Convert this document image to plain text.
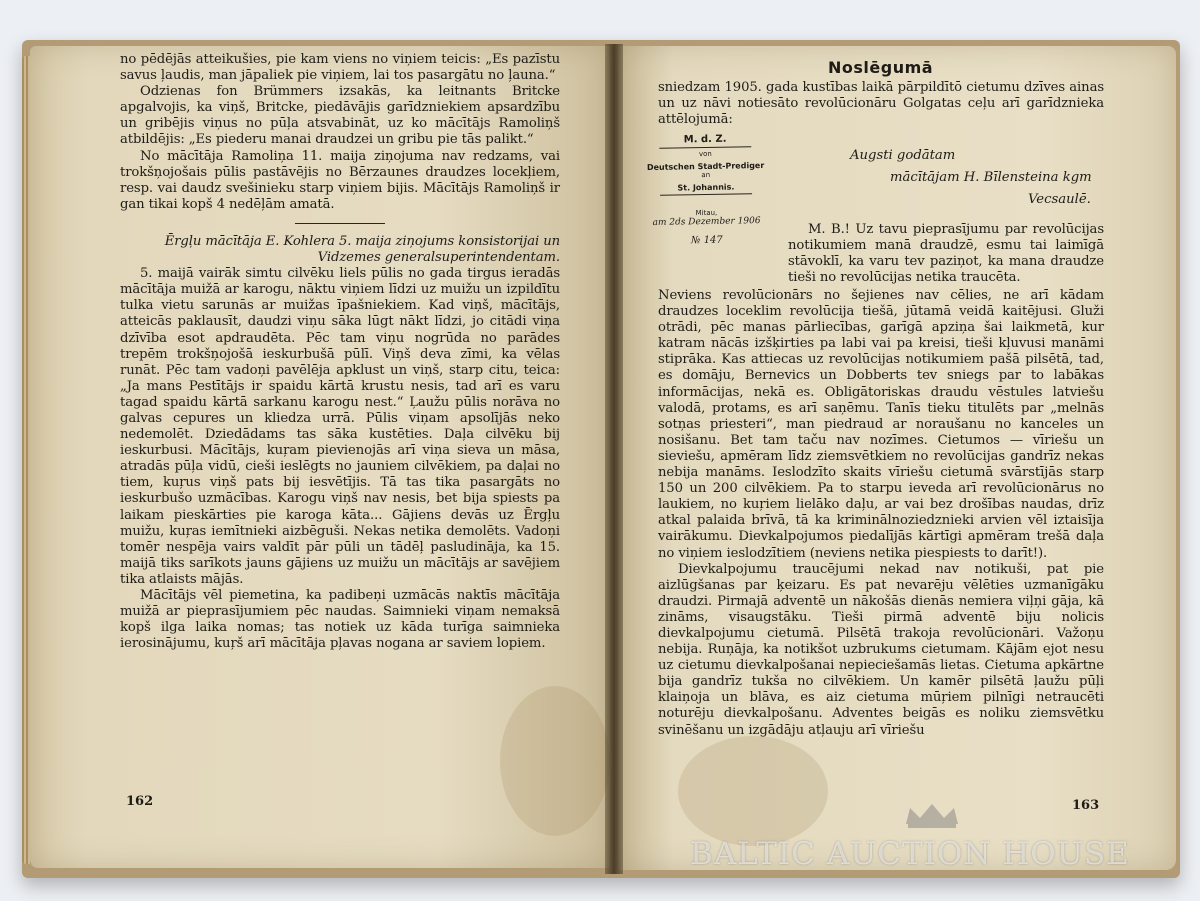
no pēdējās atteikušies, pie kam viens no viņiem teicis: „Es pazīstu savus ļaudis, man jāpaliek pie viņiem, lai tos pasargātu no ļauna.“

Odzienas fon Brümmers izsakās, ka leitnants Britcke apgalvojis, ka viņš, Britcke, piedāvājis garīdzniekiem apsardzību un gribējis viņus no pūļa atsvabināt, uz ko mācītājs Ramoliņš atbildējis: „Es piederu manai draudzei un gribu pie tās palikt.“

No mācītāja Ramoliņa 11. maija ziņojuma nav redzams, vai trokšņojošais pūlis pastāvējis no Bērzaunes draudzes locekļiem, resp. vai daudz svešinieku starp viņiem bijis. Mācītājs Ramoliņš ir gan tikai kopš 4 nedēļām amatā.

Ērgļu mācītāja E. Kohlera 5. maija ziņojums konsistorijai un Vidzemes generalsuperintendentam.

5. maijā vairāk simtu cilvēku liels pūlis no gada tirgus ieradās mācītāja muižā ar karogu, nāktu viņiem līdzi uz muižu un izpildītu tulka vietu sarunās ar muižas īpašniekiem. Kad viņš, mācītājs, atteicās paklausīt, daudzi viņu sāka lūgt nākt līdzi, jo citādi viņa dzīvība esot apdraudēta. Pēc tam viņu nogrūda no parādes trepēm trokšņojošā ieskurbušā pūlī. Viņš deva zīmi, ka vēlas runāt. Pēc tam vadoņi pavēlēja apklust un viņš, starp citu, teica: „Ja mans Pestītājs ir spaidu kārtā krustu nesis, tad arī es varu tagad spaidu kārtā sarkanu karogu nest.“ Ļaužu pūlis norāva no galvas cepures un kliedza urrā. Pūlis viņam apsolījās neko nedemolēt. Dziedādams tas sāka kustēties. Daļa cilvēku bij ieskurbusi. Mācītājs, kuŗam pievienojās arī viņa sieva un māsa, atradās pūļa vidū, cieši ieslēgts no jauniem cilvēkiem, pa daļai no tiem, kuŗus viņš pats bij iesvētījis. Tā tas tika pasargāts no ieskurbušo uzmācības. Karogu viņš nav nesis, bet bija spiests pa laikam pieskārties pie karoga kāta... Gājiens devās uz Ērgļu muižu, kuŗas iemītnieki aizbēguši. Nekas netika demolēts. Vadoņi tomēr nespēja vairs valdīt pār pūli un tādēļ pasludināja, ka 15. maijā tiks sarīkots jauns gājiens uz muižu un mācītājs ar savējiem tika atlaists mājās.

Mācītājs vēl piemetina, ka padibeņi uzmācās naktīs mācītāja muižā ar pieprasījumiem pēc naudas. Saimnieki viņam nemaksā kopš ilga laika nomas; tas notiek uz kāda turīga saimnieka ierosinājumu, kuŗš arī mācītāja pļavas nogana ar saviem lopiem.

162
Noslēgumā
sniedzam 1905. gada kustības laikā pārpildītō cietumu dzīves ainas un uz nāvi notiesāto revolūcionāru Golgatas ceļu arī garīdznieka attēlojumā:
M. d. Z.
von
Deutschen Stadt-Prediger
an
St. Johannis.
Mitau,
am 2ds Dezember 1906
№ 147
Augsti godātam
mācītājam H. Bīlensteina kgm
Vecsaulē.

M. B.! Uz tavu pieprasījumu par revolūcijas notikumiem manā draudzē, esmu tai laimīgā stāvoklī, ka varu tev paziņot, ka mana draudze tieši no revolūcijas netika traucēta.

Neviens revolūcionārs no šejienes nav cēlies, ne arī kādam draudzes loceklim revolūcija tiešā, jūtamā veidā kaitējusi. Gluži otrādi, pēc manas pārliecības, garīgā apziņa šai laikmetā, kur katram nācās izšķirties pa labi vai pa kreisi, tieši kļuvusi manāmi stiprāka. Kas attiecas uz revolūcijas notikumiem pašā pilsētā, tad, es domāju, Bernevics un Dobberts tev sniegs par to labākas informācijas, nekā es. Obligātoriskas draudu vēstules latviešu valodā, protams, es arī saņēmu. Tanīs tieku titulēts par „melnās sotņas priesteri“, man piedraud ar noraušanu no kanceles un nosišanu. Bet tam taču nav nozīmes. Cietumos — vīriešu un sieviešu, apmēram līdz ziemsvētkiem no revolūcijas gandrīz nekas nebija manāms. Ieslodzīto skaits vīriešu cietumā svārstījās starp 150 un 200 cilvēkiem. Pa to starpu ieveda arī revolūcionārus no laukiem, no kuŗiem lielāko daļu, ar vai bez drošības naudas, drīz atkal palaida brīvā, tā ka kriminālnoziedznieki arvien vēl iztaisīja vairākumu. Dievkalpojumos piedalījās kārtīgi apmēram trešā daļa no viņiem ieslodzītiem (neviens netika piespiests to darīt!).

Dievkalpojumu traucējumi nekad nav notikuši, pat pie aizlūgšanas par ķeizaru. Es pat nevarēju vēlēties uzmanīgāku draudzi. Pirmajā adventē un nākošās dienās nemiera viļņi gāja, kā zināms, visaugstāku. Tieši pirmā adventē biju nolicis dievkalpojumu cietumā. Pilsētā trakoja revolūcionāri. Važoņu nebija. Ruņāja, ka notikšot uzbrukums cietumam. Kājām ejot nesu uz cietumu dievkalpošanai nepieciešamās lietas. Cietuma apkārtne bija gandrīz tukša no cilvēkiem. Un kamēr pilsētā ļaužu pūļi klaiņoja un blāva, es aiz cietuma mūŗiem pilnīgi netraucēti noturēju dievkalpošanu. Adventes beigās es noliku ziemsvētku svinēšanu un izgādāju atļauju arī vīriešu

163
BALTIC AUCTION HOUSE
